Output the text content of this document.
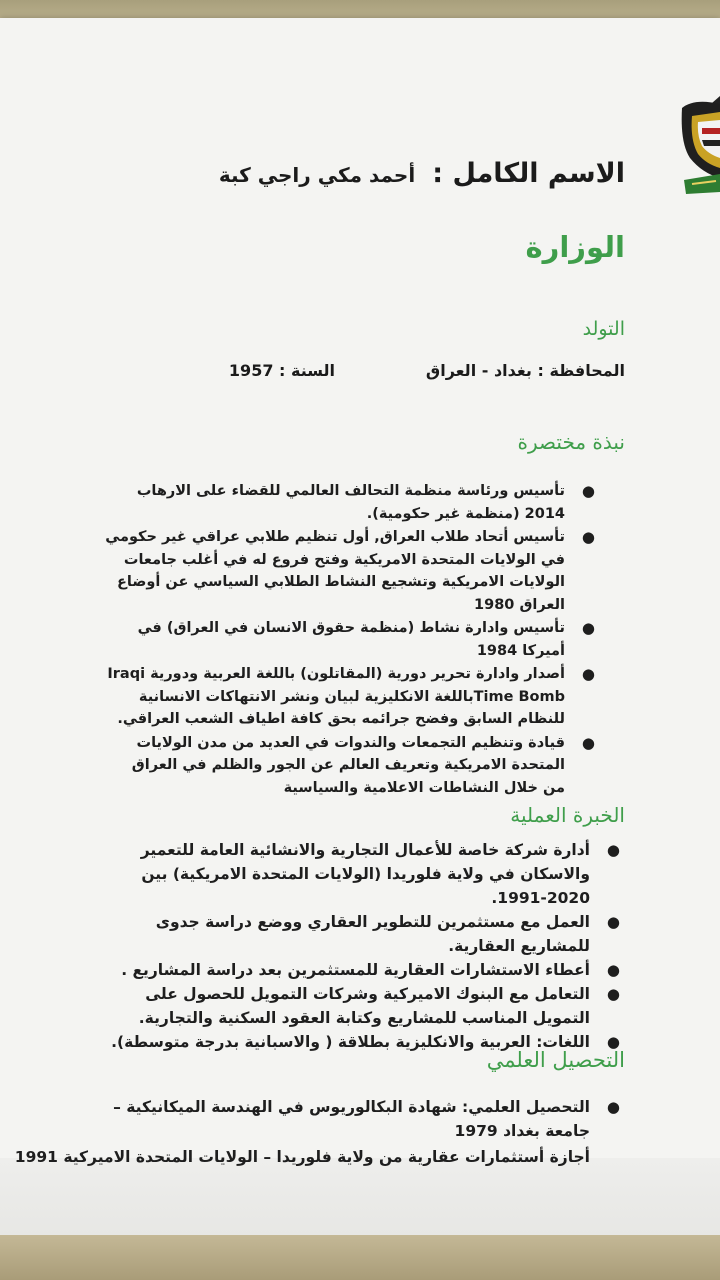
الاسم الكامل : أحمد مكي راجي كبة
الوزارة
التولد
المحافظة : بغداد - العراق
السنة : 1957
نبذة مختصرة
●
تأسيس ورئاسة منظمة التحالف العالمي للقضاء على الارهاب 2014 (منظمة غير حكومية).
●
تأسيس أتحاد طلاب العراق, أول تنظيم طلابي عراقي غير حكومي في الولايات المتحدة الامريكية وفتح فروع له في أغلب جامعات الولايات الامريكية وتشجيع النشاط الطلابي السياسي عن أوضاع العراق 1980
●
تأسيس وادارة نشاط (منظمة حقوق الانسان في العراق) في أميركا 1984
●
أصدار وادارة تحرير دورية (المقاتلون) باللغة العربية ودورية Iraqi Time Bombباللغة الانكليزية لبيان ونشر الانتهاكات الانسانية للنظام السابق وفضح جرائمه بحق كافة اطياف الشعب العراقي.
●
قيادة وتنظيم التجمعات والندوات في العديد من مدن الولايات المتحدة الامريكية وتعريف العالم عن الجور والظلم في العراق من خلال النشاطات الاعلامية والسياسية
الخبرة العملية
●
أدارة شركة خاصة للأعمال التجارية والانشائية العامة للتعمير والاسكان في ولاية فلوريدا (الولايات المتحدة الامريكية) بين 2020-1991.
●
العمل مع مستثمرين للتطوير العقاري ووضع دراسة جدوى للمشاريع العقارية.
●
أعطاء الاستشارات العقارية للمستثمرين بعد دراسة المشاريع .
●
التعامل مع البنوك الاميركية وشركات التمويل للحصول على التمويل المناسب للمشاريع وكتابة العقود السكنية والتجارية.
●
اللغات: العربية والانكليزية بطلاقة ( والاسبانية بدرجة متوسطة).
التحصيل العلمي
●
التحصيل العلمي: شهادة البكالوريوس في الهندسة الميكانيكية – جامعة بغداد 1979
أجازة أستثمارات عقارية من ولاية فلوريدا – الولايات المتحدة الاميركية 1991
